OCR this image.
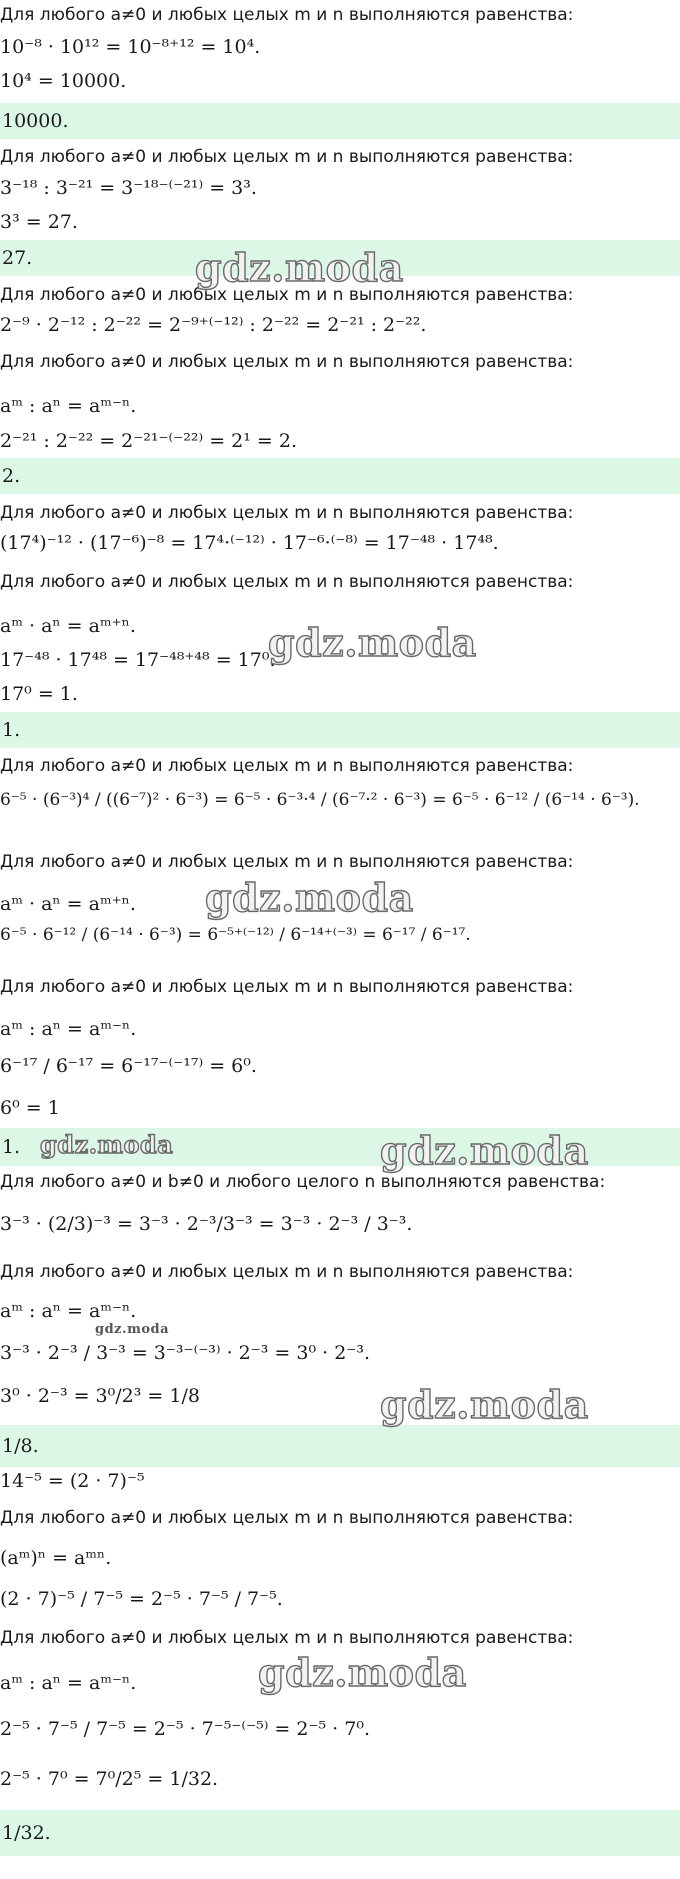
Для любого a≠0 и любых целых m и n выполняются равенства:
10⁻⁸ · 10¹² = 10⁻⁸⁺¹² = 10⁴.
10⁴ = 10000.
10000.
Для любого a≠0 и любых целых m и n выполняются равенства:
3⁻¹⁸ : 3⁻²¹ = 3⁻¹⁸⁻⁽⁻²¹⁾ = 3³.
3³ = 27.
27.
Для любого a≠0 и любых целых m и n выполняются равенства:
2⁻⁹ · 2⁻¹² : 2⁻²² = 2⁻⁹⁺⁽⁻¹²⁾ : 2⁻²² = 2⁻²¹ : 2⁻²².
Для любого a≠0 и любых целых m и n выполняются равенства:
aᵐ : aⁿ = aᵐ⁻ⁿ.
2⁻²¹ : 2⁻²² = 2⁻²¹⁻⁽⁻²²⁾ = 2¹ = 2.
2.
Для любого a≠0 и любых целых m и n выполняются равенства:
(17⁴)⁻¹² · (17⁻⁶)⁻⁸ = 17⁴·⁽⁻¹²⁾ · 17⁻⁶·⁽⁻⁸⁾ = 17⁻⁴⁸ · 17⁴⁸.
Для любого a≠0 и любых целых m и n выполняются равенства:
aᵐ · aⁿ = aᵐ⁺ⁿ.
17⁻⁴⁸ · 17⁴⁸ = 17⁻⁴⁸⁺⁴⁸ = 17⁰.
17⁰ = 1.
1.
Для любого a≠0 и любых целых m и n выполняются равенства:
6⁻⁵ · (6⁻³)⁴ / ((6⁻⁷)² · 6⁻³) = 6⁻⁵ · 6⁻³·⁴ / (6⁻⁷·² · 6⁻³) = 6⁻⁵ · 6⁻¹² / (6⁻¹⁴ · 6⁻³).
Для любого a≠0 и любых целых m и n выполняются равенства:
aᵐ · aⁿ = aᵐ⁺ⁿ.
6⁻⁵ · 6⁻¹² / (6⁻¹⁴ · 6⁻³) = 6⁻⁵⁺⁽⁻¹²⁾ / 6⁻¹⁴⁺⁽⁻³⁾ = 6⁻¹⁷ / 6⁻¹⁷.
Для любого a≠0 и любых целых m и n выполняются равенства:
aᵐ : aⁿ = aᵐ⁻ⁿ.
6⁻¹⁷ / 6⁻¹⁷ = 6⁻¹⁷⁻⁽⁻¹⁷⁾ = 6⁰.
6⁰ = 1
1.
Для любого a≠0 и b≠0 и любого целого n выполняются равенства:
3⁻³ · (2/3)⁻³ = 3⁻³ · 2⁻³/3⁻³ = 3⁻³ · 2⁻³ / 3⁻³.
Для любого a≠0 и любых целых m и n выполняются равенства:
aᵐ : aⁿ = aᵐ⁻ⁿ.
3⁻³ · 2⁻³ / 3⁻³ = 3⁻³⁻⁽⁻³⁾ · 2⁻³ = 3⁰ · 2⁻³.
3⁰ · 2⁻³ = 3⁰/2³ = 1/8
1/8.
14⁻⁵ = (2 · 7)⁻⁵
Для любого a≠0 и любых целых m и n выполняются равенства:
(aᵐ)ⁿ = aᵐⁿ.
(2 · 7)⁻⁵ / 7⁻⁵ = 2⁻⁵ · 7⁻⁵ / 7⁻⁵.
Для любого a≠0 и любых целых m и n выполняются равенства:
aᵐ : aⁿ = aᵐ⁻ⁿ.
2⁻⁵ · 7⁻⁵ / 7⁻⁵ = 2⁻⁵ · 7⁻⁵⁻⁽⁻⁵⁾ = 2⁻⁵ · 7⁰.
2⁻⁵ · 7⁰ = 7⁰/2⁵ = 1/32.
1/32.
gdz.moda
gdz.moda
gdz.moda
gdz.moda	gdz.moda
gdz.moda
gdz.moda
gdz.moda
